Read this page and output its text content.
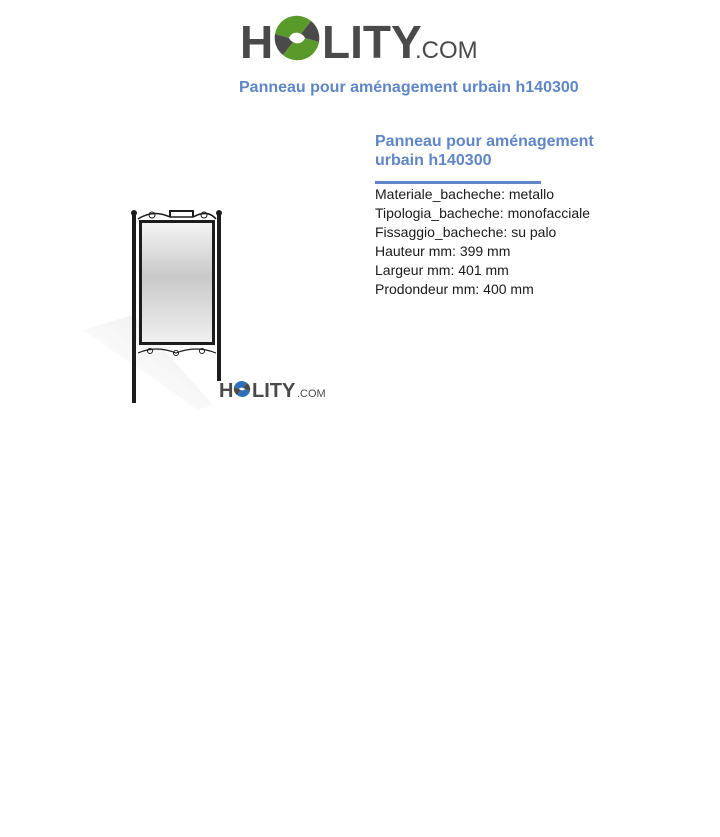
H LITY
.COM
Panneau pour aménagement urbain h140300
H LITY .COM
Panneau pour aménagement urbain h140300
Materiale_bacheche: metallo
Tipologia_bacheche: monofacciale
Fissaggio_bacheche: su palo
Hauteur mm: 399 mm
Largeur mm: 401 mm
Prodondeur mm: 400 mm
